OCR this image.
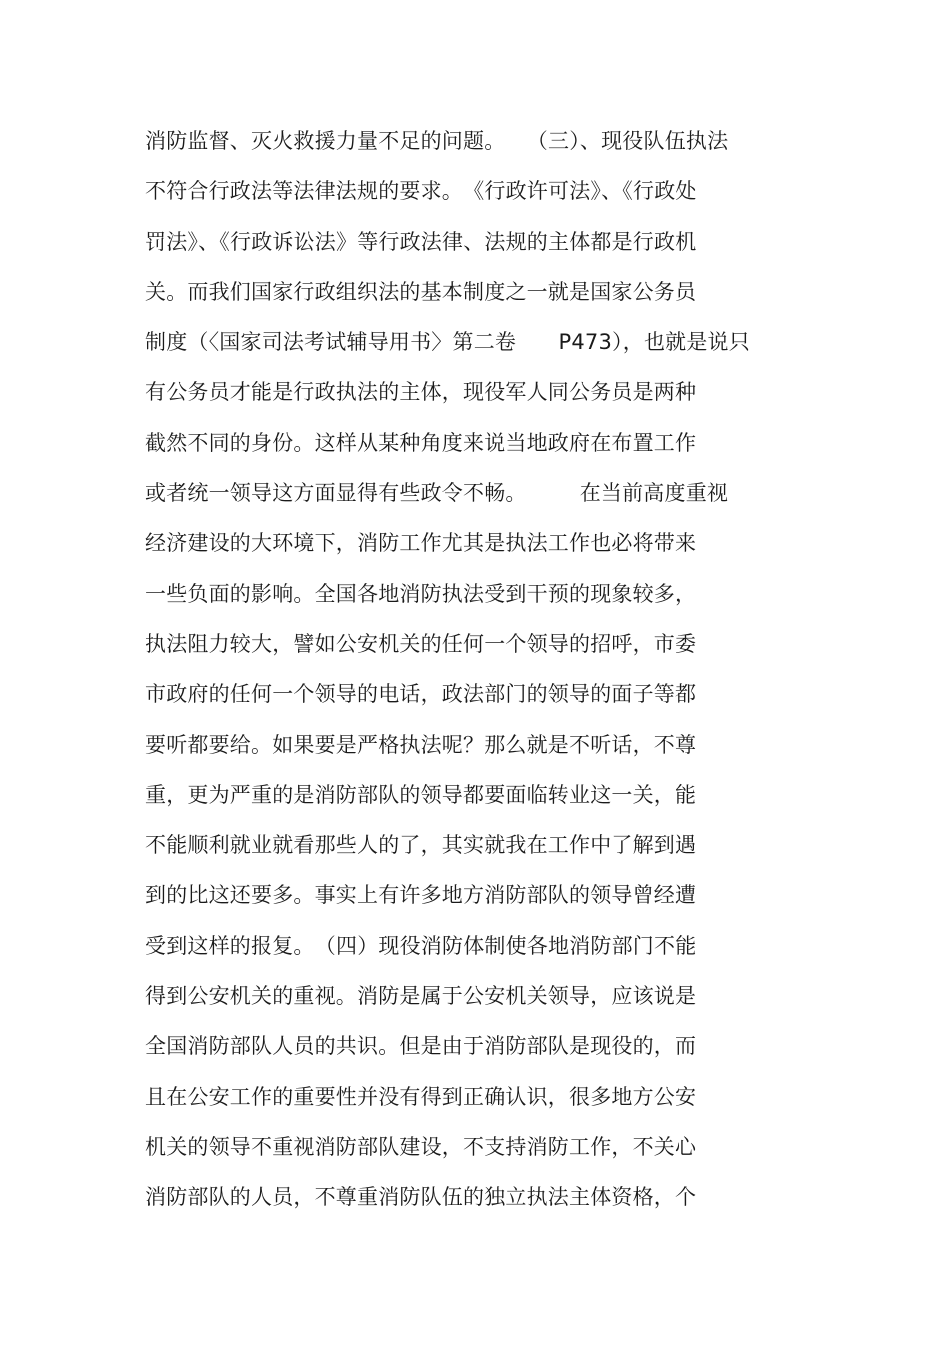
消防监督、灭火救援力量不足的问题。　　（三）、现役队伍执法
不符合行政法等法律法规的要求。　《行政许可法》、《行政处
罚法》、《行政诉讼法》等行政法律、法规的主体都是行政机
关。而我们国家行政组织法的基本制度之一就是国家公务员
制度（〈国家司法考试辅导用书〉第二卷　　P473），也就是说只
有公务员才能是行政执法的主体，现役军人同公务员是两种
截然不同的身份。这样从某种角度来说当地政府在布置工作
或者统一领导这方面显得有些政令不畅。　　　在当前高度重视
经济建设的大环境下，消防工作尤其是执法工作也必将带来
一些负面的影响。全国各地消防执法受到干预的现象较多，
执法阻力较大，譬如公安机关的任何一个领导的招呼，市委
市政府的任何一个领导的电话，政法部门的领导的面子等都
要听都要给。如果要是严格执法呢？那么就是不听话，不尊
重，更为严重的是消防部队的领导都要面临转业这一关，能
不能顺利就业就看那些人的了，其实就我在工作中了解到遇
到的比这还要多。事实上有许多地方消防部队的领导曾经遭
受到这样的报复。　（四）现役消防体制使各地消防部门不能
得到公安机关的重视。消防是属于公安机关领导，应该说是
全国消防部队人员的共识。但是由于消防部队是现役的，而
且在公安工作的重要性并没有得到正确认识，很多地方公安
机关的领导不重视消防部队建设，不支持消防工作，不关心
消防部队的人员，不尊重消防队伍的独立执法主体资格，个
